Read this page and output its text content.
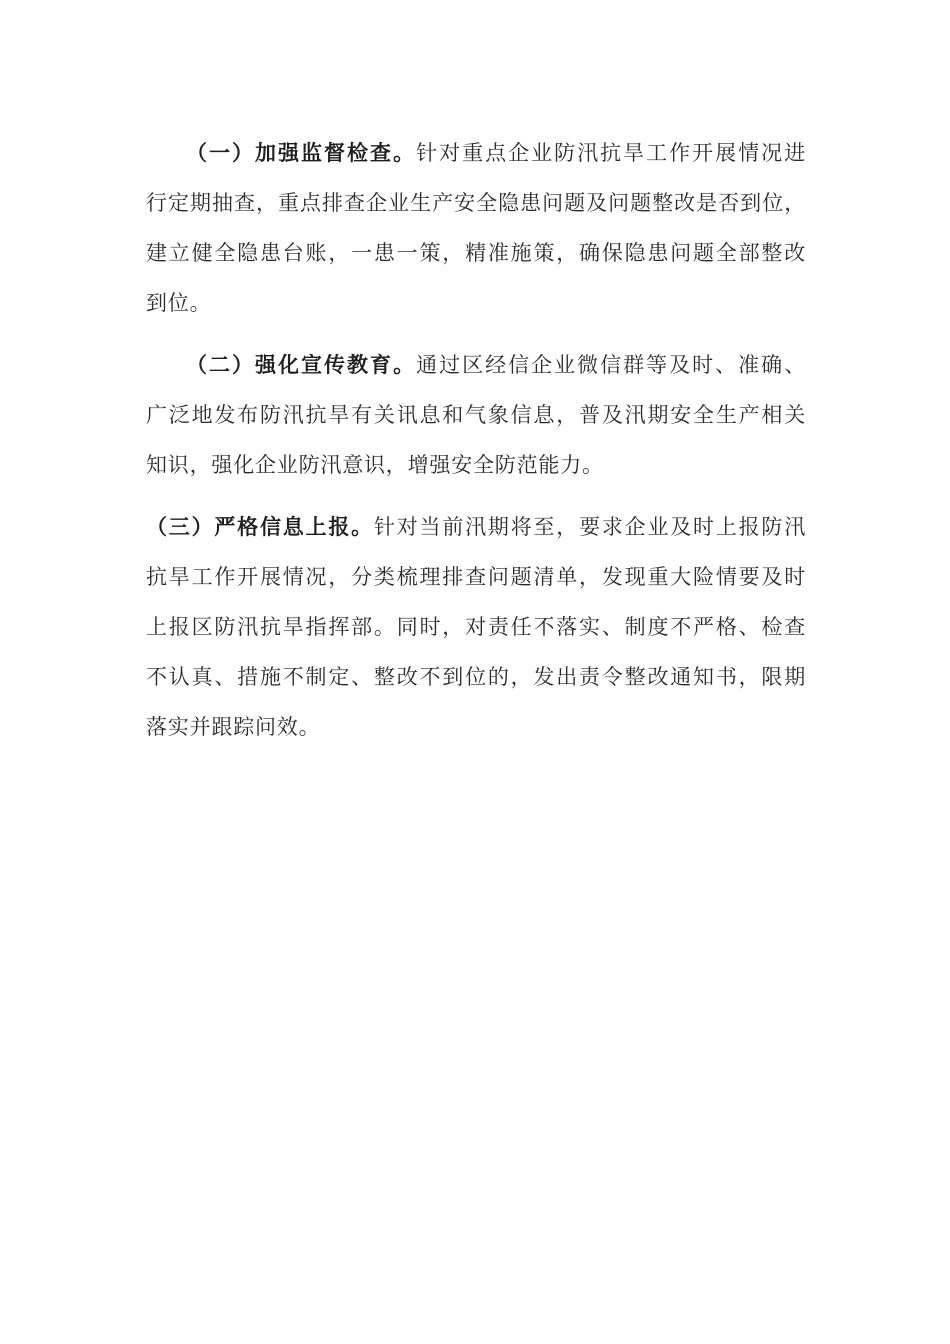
（一）加强监督检查。针对重点企业防汛抗旱工作开展情况进
行定期抽查，重点排查企业生产安全隐患问题及问题整改是否到位，
建立健全隐患台账，一患一策，精准施策，确保隐患问题全部整改
到位。
（二）强化宣传教育。通过区经信企业微信群等及时、准确、
广泛地发布防汛抗旱有关讯息和气象信息，普及汛期安全生产相关
知识，强化企业防汛意识，增强安全防范能力。
（三）严格信息上报。针对当前汛期将至，要求企业及时上报防汛
抗旱工作开展情况，分类梳理排查问题清单，发现重大险情要及时
上报区防汛抗旱指挥部。同时，对责任不落实、制度不严格、检查
不认真、措施不制定、整改不到位的，发出责令整改通知书，限期
落实并跟踪问效。
